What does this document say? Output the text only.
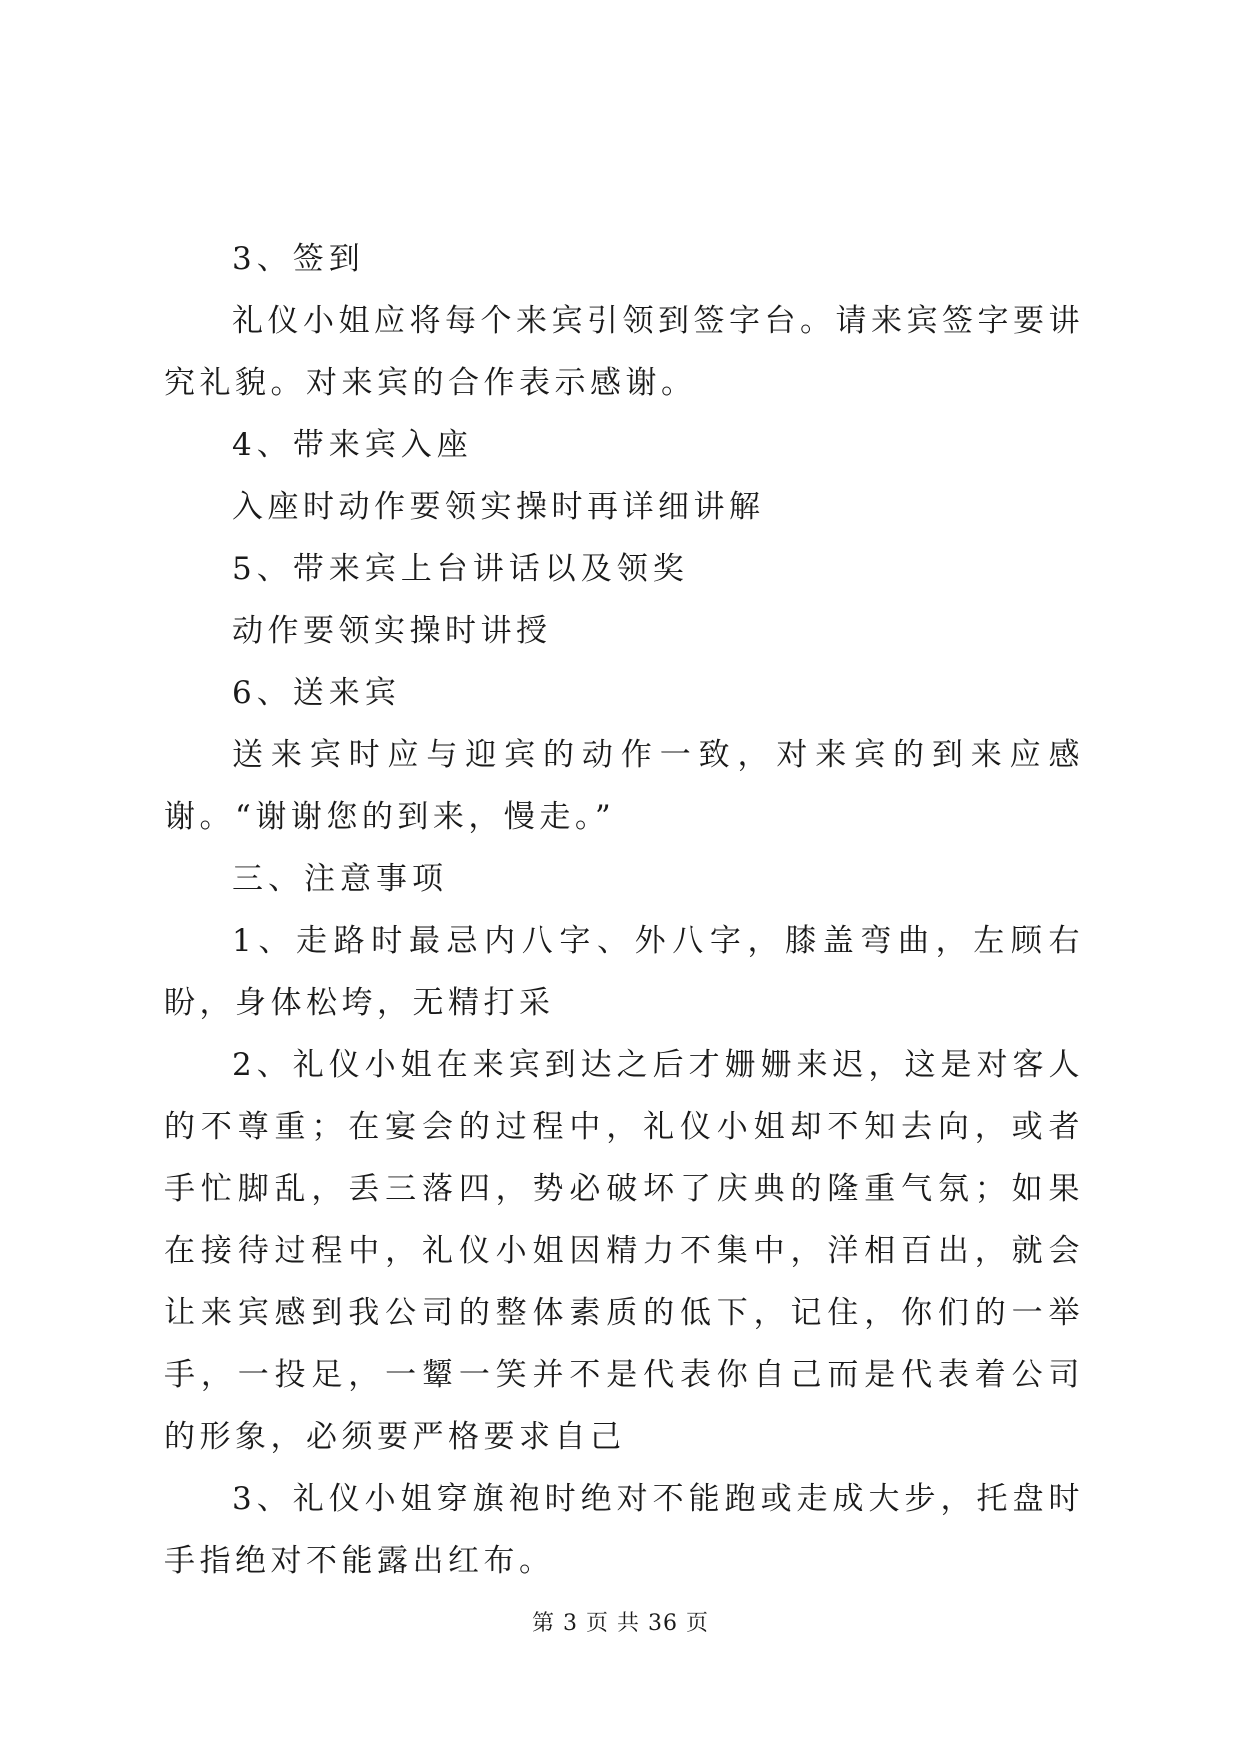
3、签到

礼仪小姐应将每个来宾引领到签字台。请来宾签字要讲究礼貌。对来宾的合作表示感谢。

4、带来宾入座

入座时动作要领实操时再详细讲解

5、带来宾上台讲话以及领奖

动作要领实操时讲授

6、送来宾

送来宾时应与迎宾的动作一致，对来宾的到来应感谢。“谢谢您的到来，慢走。”

三、注意事项

1、走路时最忌内八字、外八字，膝盖弯曲，左顾右盼，身体松垮，无精打采

2、礼仪小姐在来宾到达之后才姗姗来迟，这是对客人的不尊重；在宴会的过程中，礼仪小姐却不知去向，或者手忙脚乱，丢三落四，势必破坏了庆典的隆重气氛；如果在接待过程中，礼仪小姐因精力不集中，洋相百出，就会让来宾感到我公司的整体素质的低下，记住，你们的一举手，一投足，一颦一笑并不是代表你自己而是代表着公司的形象，必须要严格要求自己

3、礼仪小姐穿旗袍时绝对不能跑或走成大步，托盘时手指绝对不能露出红布。

第 3 页 共 36 页
